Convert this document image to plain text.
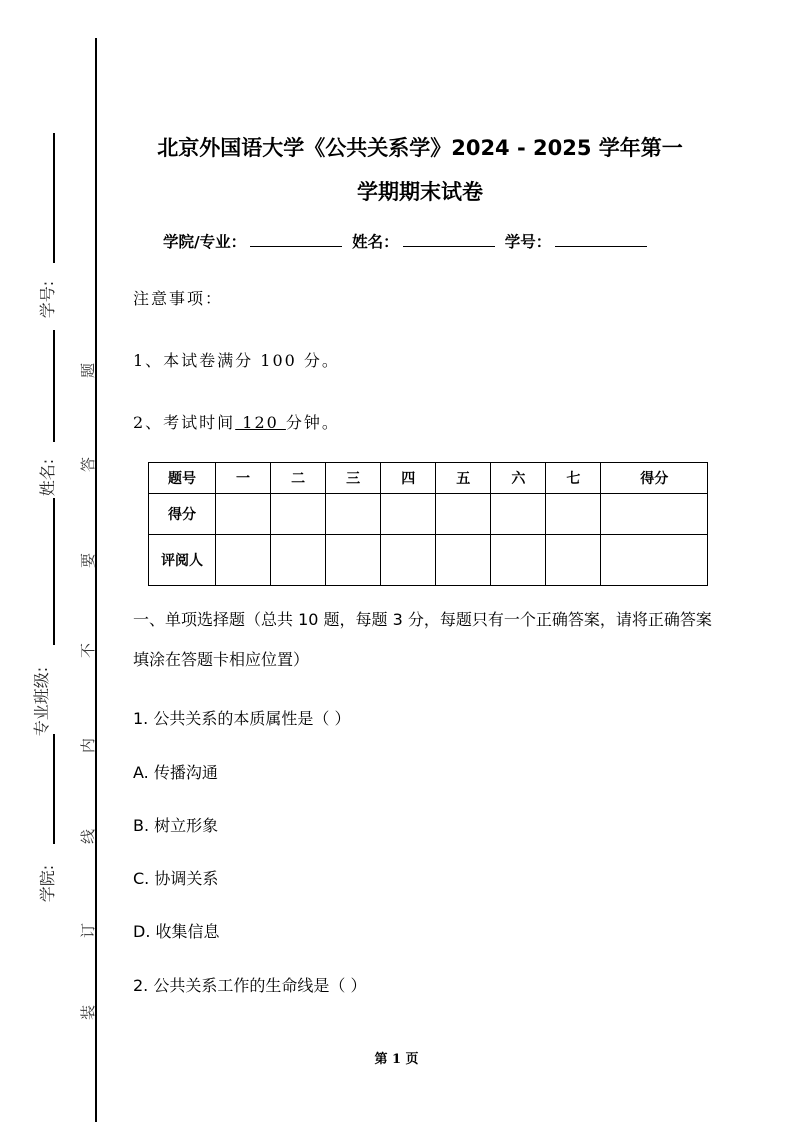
学号:
姓名:
专业班级:
学院:
题
答
要
不
内
线
订
装
北京外国语大学《公共关系学》2024 - 2025 学年第一
学期期末试卷
学院/专业：	姓名：	学号：
注意事项：
1、本试卷满分 100 分。
2、考试时间 120 分钟。
题号	一	二	三	四	五	六	七	得分
得分								
评阅人								
一、单项选择题（总共 10 题，每题 3 分，每题只有一个正确答案，请将正确答案填涂在答题卡相应位置）
1. 公共关系的本质属性是（ ）
A. 传播沟通
B. 树立形象
C. 协调关系
D. 收集信息
2. 公共关系工作的生命线是（ ）
第 1 页
